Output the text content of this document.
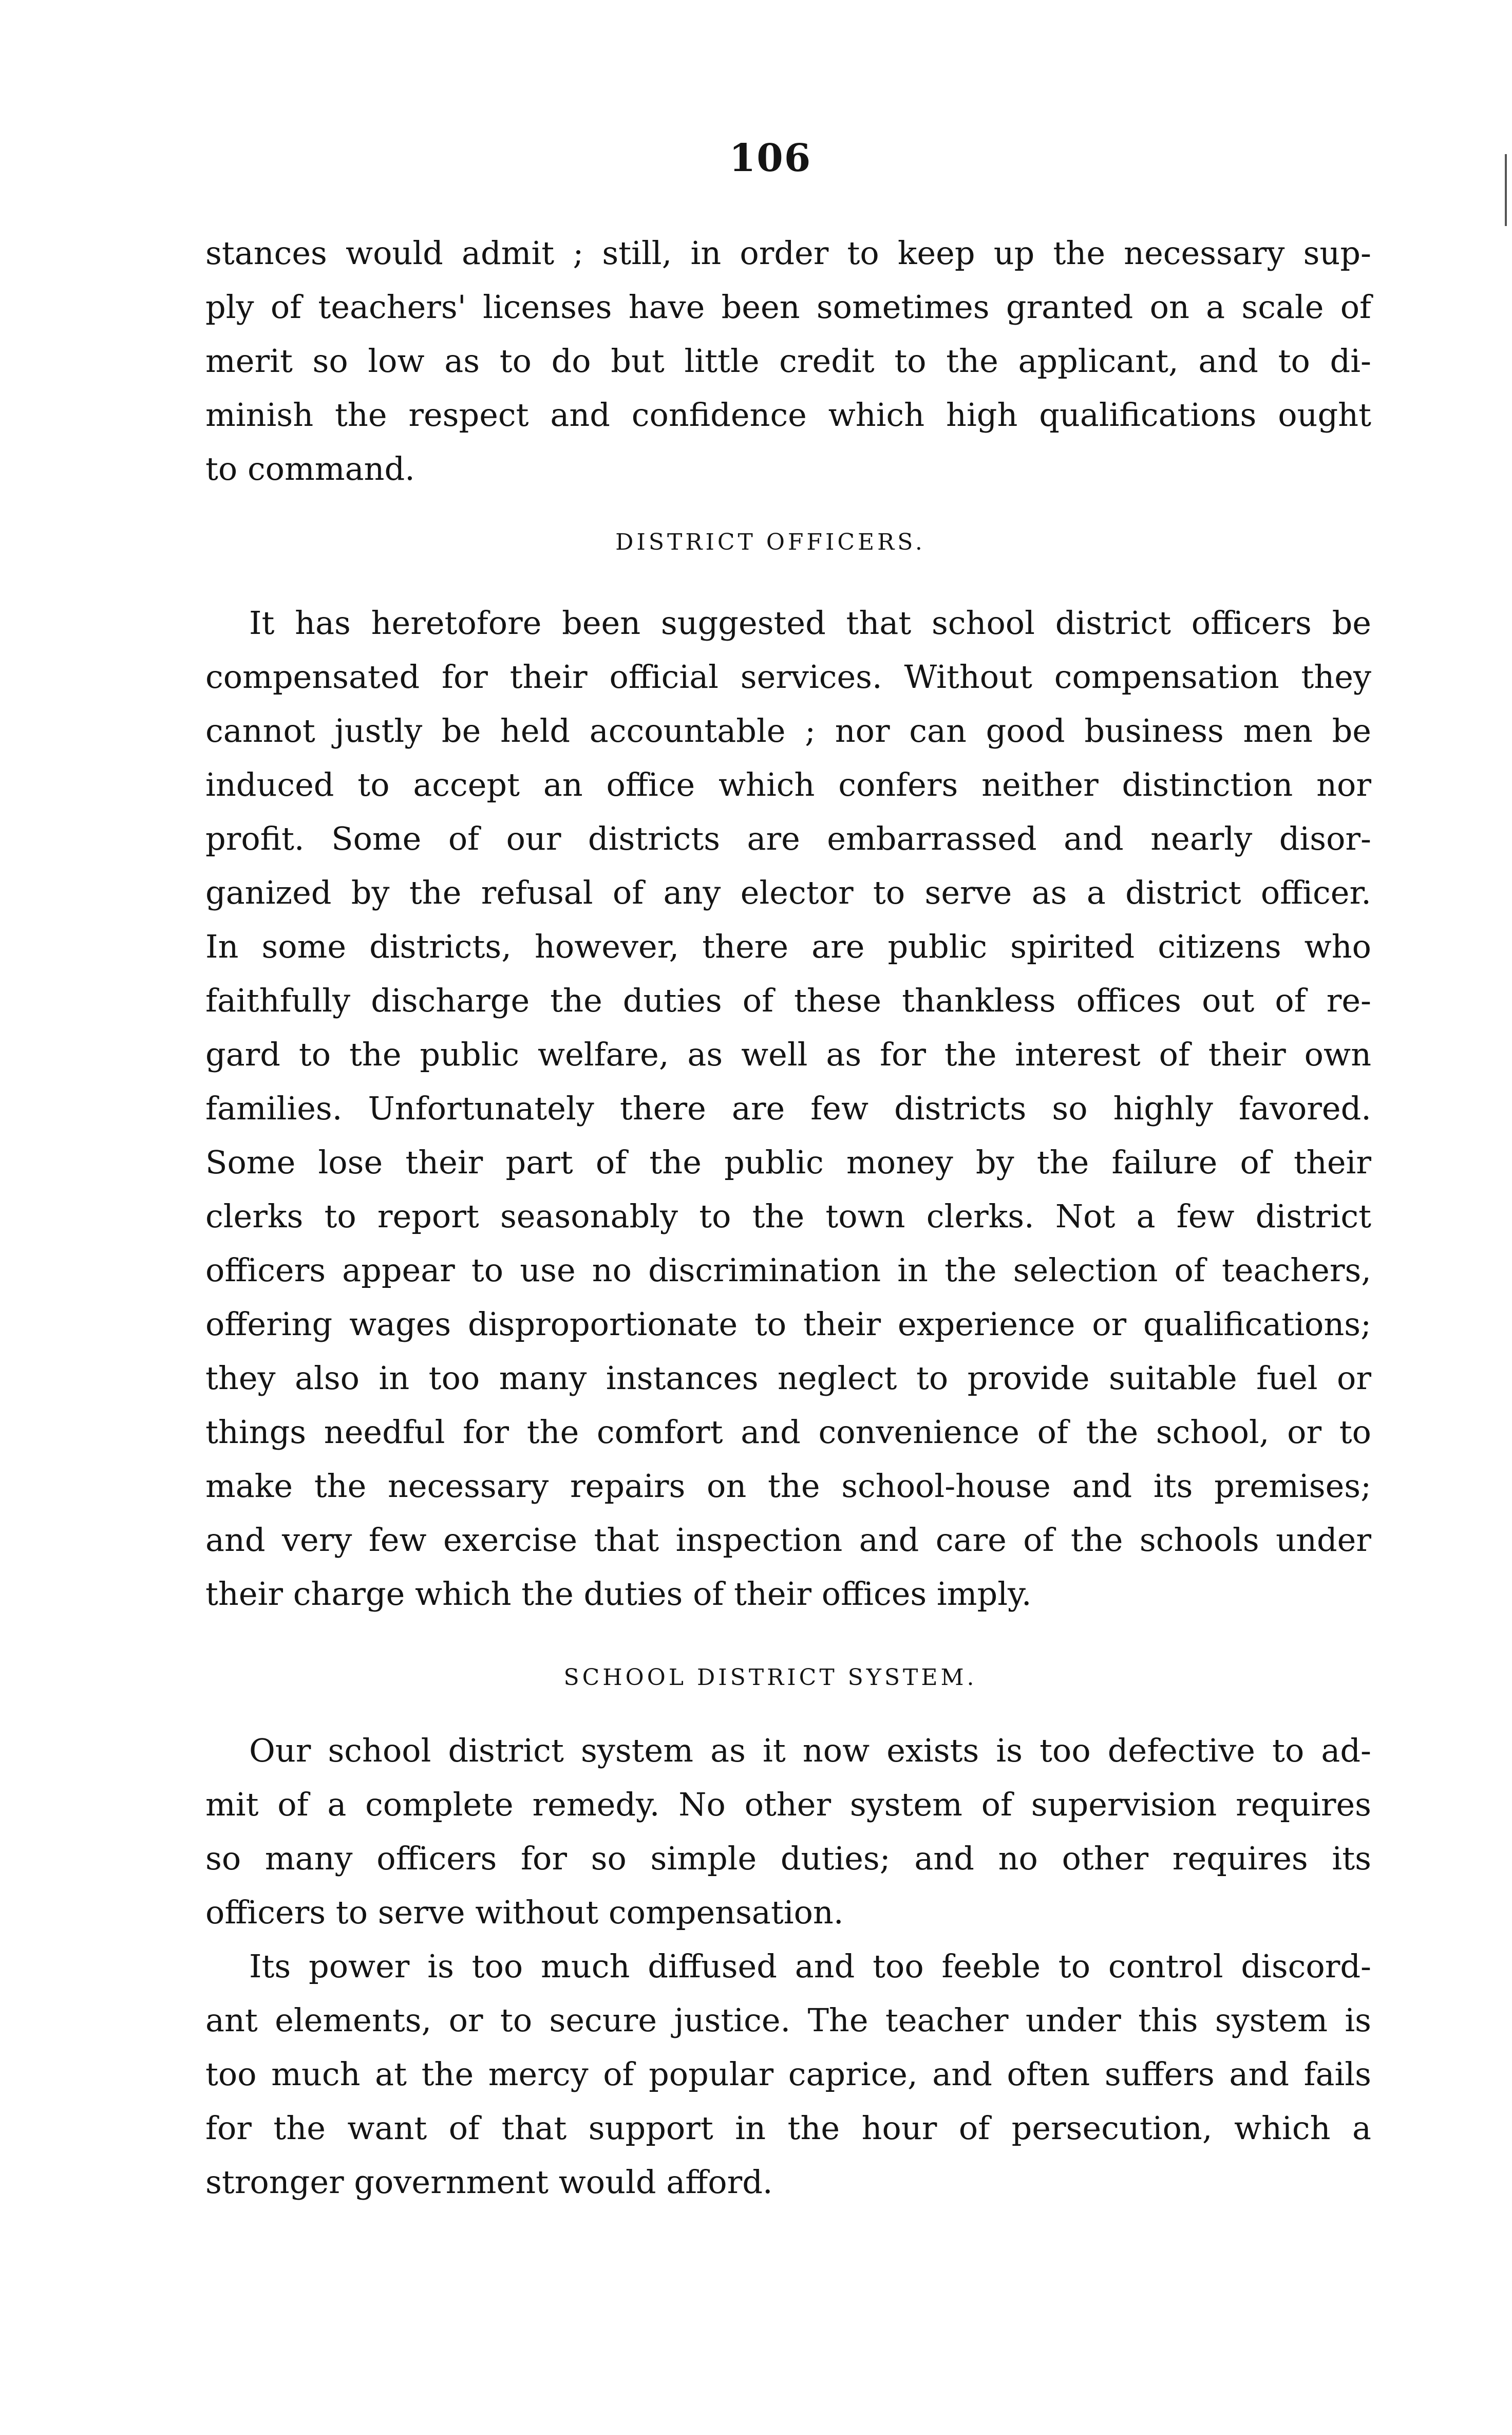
106
stances would admit ; still, in order to keep up the necessary sup-
ply of teachers' licenses have been sometimes granted on a scale of
merit so low as to do but little credit to the applicant, and to di-
minish the respect and confidence which high qualifications ought
to command.
DISTRICT OFFICERS.
It has heretofore been suggested that school district officers be
compensated for their official services. Without compensation they
cannot justly be held accountable ; nor can good business men be
induced to accept an office which confers neither distinction nor
profit. Some of our districts are embarrassed and nearly disor-
ganized by the refusal of any elector to serve as a district officer.
In some districts, however, there are public spirited citizens who
faithfully discharge the duties of these thankless offices out of re-
gard to the public welfare, as well as for the interest of their own
families. Unfortunately there are few districts so highly favored.
Some lose their part of the public money by the failure of their
clerks to report seasonably to the town clerks. Not a few district
officers appear to use no discrimination in the selection of teachers,
offering wages disproportionate to their experience or qualifications;
they also in too many instances neglect to provide suitable fuel or
things needful for the comfort and convenience of the school, or to
make the necessary repairs on the school-house and its premises;
and very few exercise that inspection and care of the schools under
their charge which the duties of their offices imply.
SCHOOL DISTRICT SYSTEM.
Our school district system as it now exists is too defective to ad-
mit of a complete remedy. No other system of supervision requires
so many officers for so simple duties; and no other requires its
officers to serve without compensation.
Its power is too much diffused and too feeble to control discord-
ant elements, or to secure justice. The teacher under this system is
too much at the mercy of popular caprice, and often suffers and fails
for the want of that support in the hour of persecution, which a
stronger government would afford.
